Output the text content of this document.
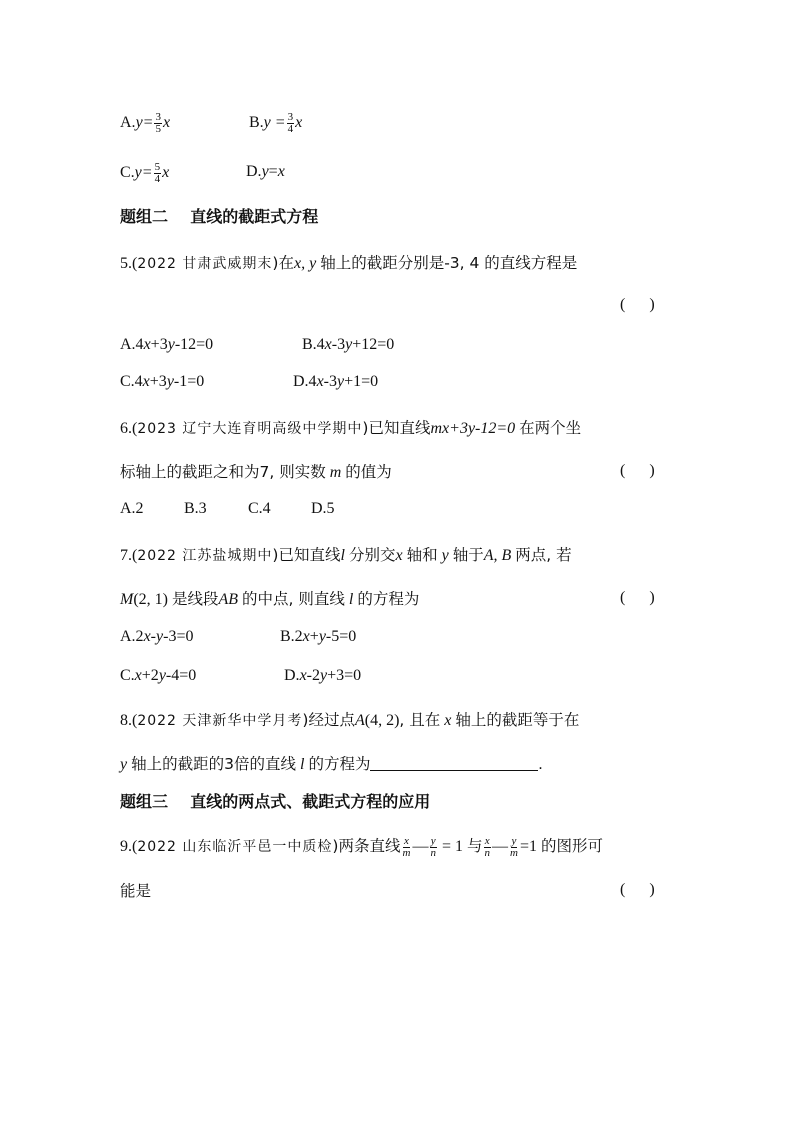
$A.y= \frac{3}{5}$ x	$B.y = \frac{3}{4}$ x
$C.y= \frac{5}{4}$ x	D.y=x
题组二 直线的截距式方程
5.(2022 甘肃武威期末)在x, y 轴上的截距分别是-3, 4 的直线方程是
(      )
A.4x+3y-12=0	B.4x-3y+12=0
C.4x+3y-1=0	D.4x-3y+1=0
6.(2023 辽宁大连育明高级中学期中)已知直线mx+3y-12=0 在两个坐
标轴上的截距之和为7, 则实数 m 的值为	(      )
A.2	B.3	C.4	D.5
7.(2022 江苏盐城期中)已知直线l 分别交x 轴和 y 轴于A, B 两点, 若
M(2, 1) 是线段AB 的中点, 则直线 l 的方程为	(      )
A.2x-y-3=0	B.2x+y-5=0
C.x+2y-4=0	D.x-2y+3=0
8.(2022 天津新华中学月考)经过点A(4, 2), 且在 x 轴上的截距等于在
y 轴上的截距的3倍的直线 l 的方程为	.
题组三 直线的两点式、截距式方程的应用
9.(2022 山东临沂平邑一中质检)两条直线 $\frac{x}{m}$ — $\frac{y}{n} = 1$ 与 $\frac{x}{n}$ — $\frac{y}{m} =1$ 的图形可
能是	(      )
